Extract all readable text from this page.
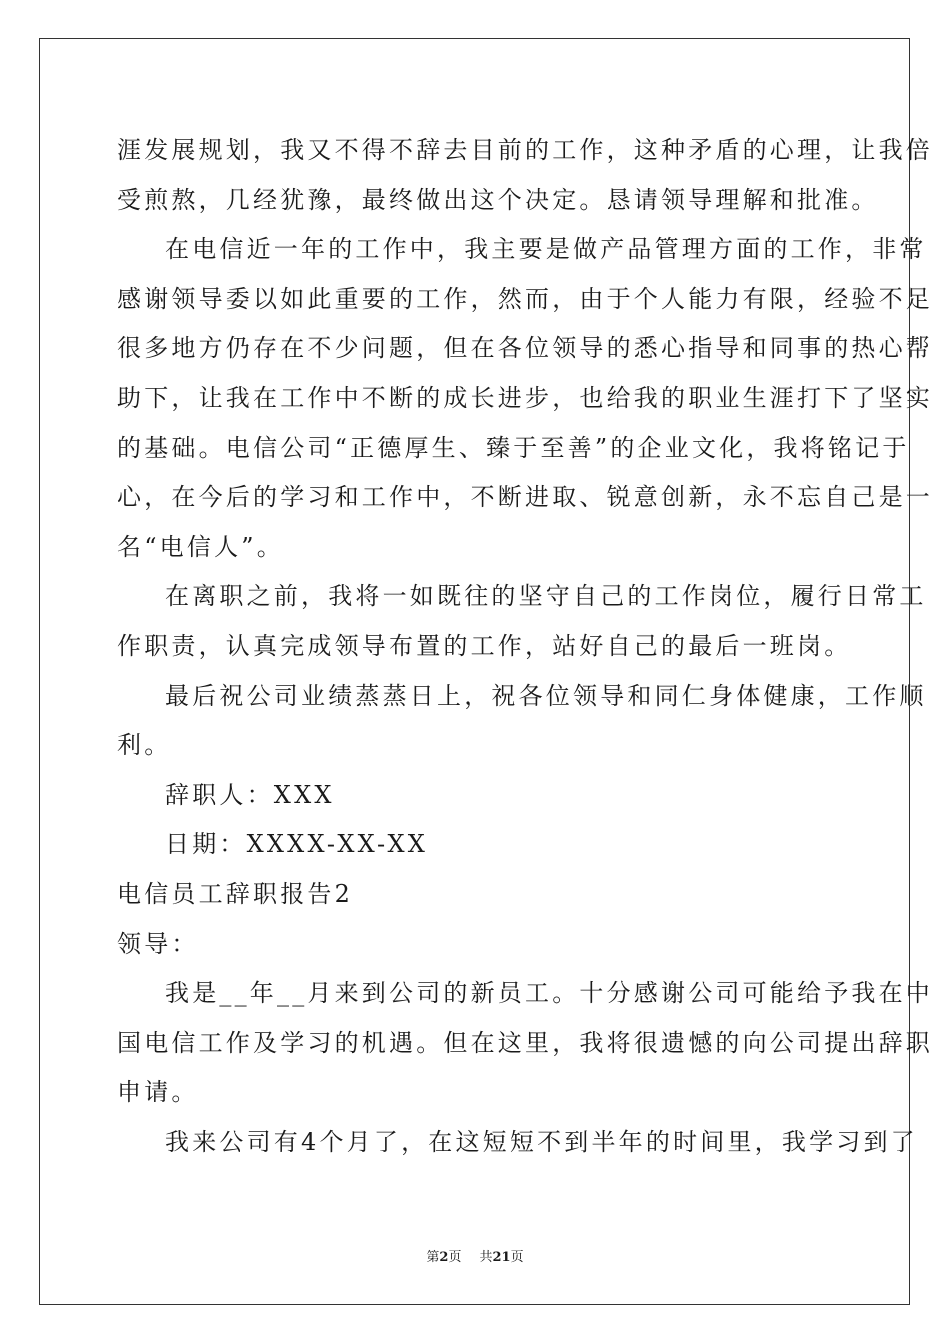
涯发展规划，我又不得不辞去目前的工作，这种矛盾的心理，让我倍
受煎熬，几经犹豫，最终做出这个决定。恳请领导理解和批准。
在电信近一年的工作中，我主要是做产品管理方面的工作，非常
感谢领导委以如此重要的工作，然而，由于个人能力有限，经验不足
很多地方仍存在不少问题，但在各位领导的悉心指导和同事的热心帮
助下，让我在工作中不断的成长进步，也给我的职业生涯打下了坚实
的基础。电信公司“正德厚生、臻于至善”的企业文化，我将铭记于
心，在今后的学习和工作中，不断进取、锐意创新，永不忘自己是一
名“电信人”。
在离职之前，我将一如既往的坚守自己的工作岗位，履行日常工
作职责，认真完成领导布置的工作，站好自己的最后一班岗。
最后祝公司业绩蒸蒸日上，祝各位领导和同仁身体健康，工作顺
利。
辞职人：XXX
日期：XXXX-XX-XX
电信员工辞职报告2
领导：
我是__年__月来到公司的新员工。十分感谢公司可能给予我在中
国电信工作及学习的机遇。但在这里，我将很遗憾的向公司提出辞职
申请。
我来公司有4个月了，在这短短不到半年的时间里，我学习到了
第2页 共21页
